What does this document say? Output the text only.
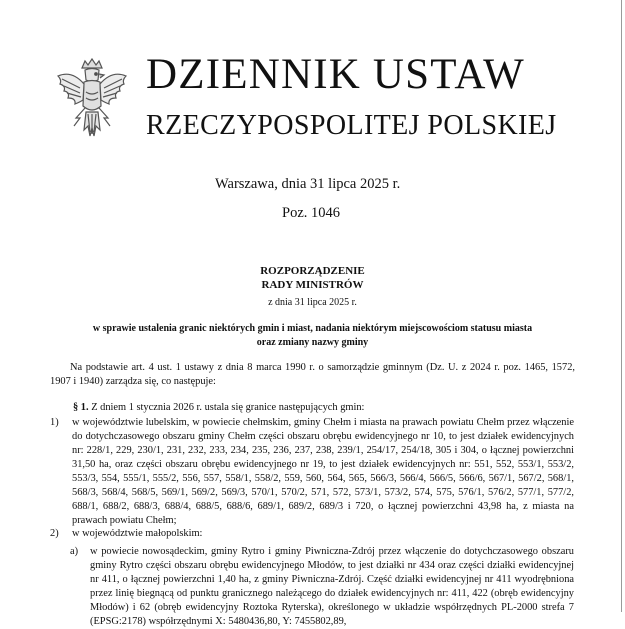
DZIENNIK USTAW
RZECZYPOSPOLITEJ POLSKIEJ
Warszawa, dnia 31 lipca 2025 r.
Poz. 1046
ROZPORZĄDZENIE
RADY MINISTRÓW
z dnia 31 lipca 2025 r.
w sprawie ustalenia granic niektórych gmin i miast, nadania niektórym miejscowościom statusu miasta
oraz zmiany nazwy gminy
Na podstawie art. 4 ust. 1 ustawy z dnia 8 marca 1990 r. o samorządzie gminnym (Dz. U. z 2024 r. poz. 1465, 1572, 1907 i 1940) zarządza się, co następuje:
§ 1. Z dniem 1 stycznia 2026 r. ustala się granice następujących gmin:
1) w województwie lubelskim, w powiecie chełmskim, gminy Chełm i miasta na prawach powiatu Chełm przez włączenie do dotychczasowego obszaru gminy Chełm części obszaru obrębu ewidencyjnego nr 10, to jest działek ewidencyjnych nr: 228/1, 229, 230/1, 231, 232, 233, 234, 235, 236, 237, 238, 239/1, 254/17, 254/18, 305 i 304, o łącznej powierzchni 31,50 ha, oraz części obszaru obrębu ewidencyjnego nr 19, to jest działek ewidencyjnych nr: 551, 552, 553/1, 553/2, 553/3, 554, 555/1, 555/2, 556, 557, 558/1, 558/2, 559, 560, 564, 565, 566/3, 566/4, 566/5, 566/6, 567/1, 567/2, 568/1, 568/3, 568/4, 568/5, 569/1, 569/2, 569/3, 570/1, 570/2, 571, 572, 573/1, 573/2, 574, 575, 576/1, 576/2, 577/1, 577/2, 688/1, 688/2, 688/3, 688/4, 688/5, 688/6, 689/1, 689/2, 689/3 i 720, o łącznej powierzchni 43,98 ha, z miasta na prawach powiatu Chełm;
2) w województwie małopolskim:
a) w powiecie nowosądeckim, gminy Rytro i gminy Piwniczna-Zdrój przez włączenie do dotychczasowego obszaru gminy Rytro części obszaru obrębu ewidencyjnego Młodów, to jest działki nr 434 oraz części działki ewidencyjnej nr 411, o łącznej powierzchni 1,40 ha, z gminy Piwniczna-Zdrój. Część działki ewidencyjnej nr 411 wyodrębniona przez linię biegnącą od punktu granicznego należącego do działek ewidencyjnych nr: 411, 422 (obręb ewidencyjny Młodów) i 62 (obręb ewidencyjny Roztoka Ryterska), określonego w układzie współrzędnych PL-2000 strefa 7 (EPSG:2178) współrzędnymi X: 5480436,80, Y: 7455802,89,
